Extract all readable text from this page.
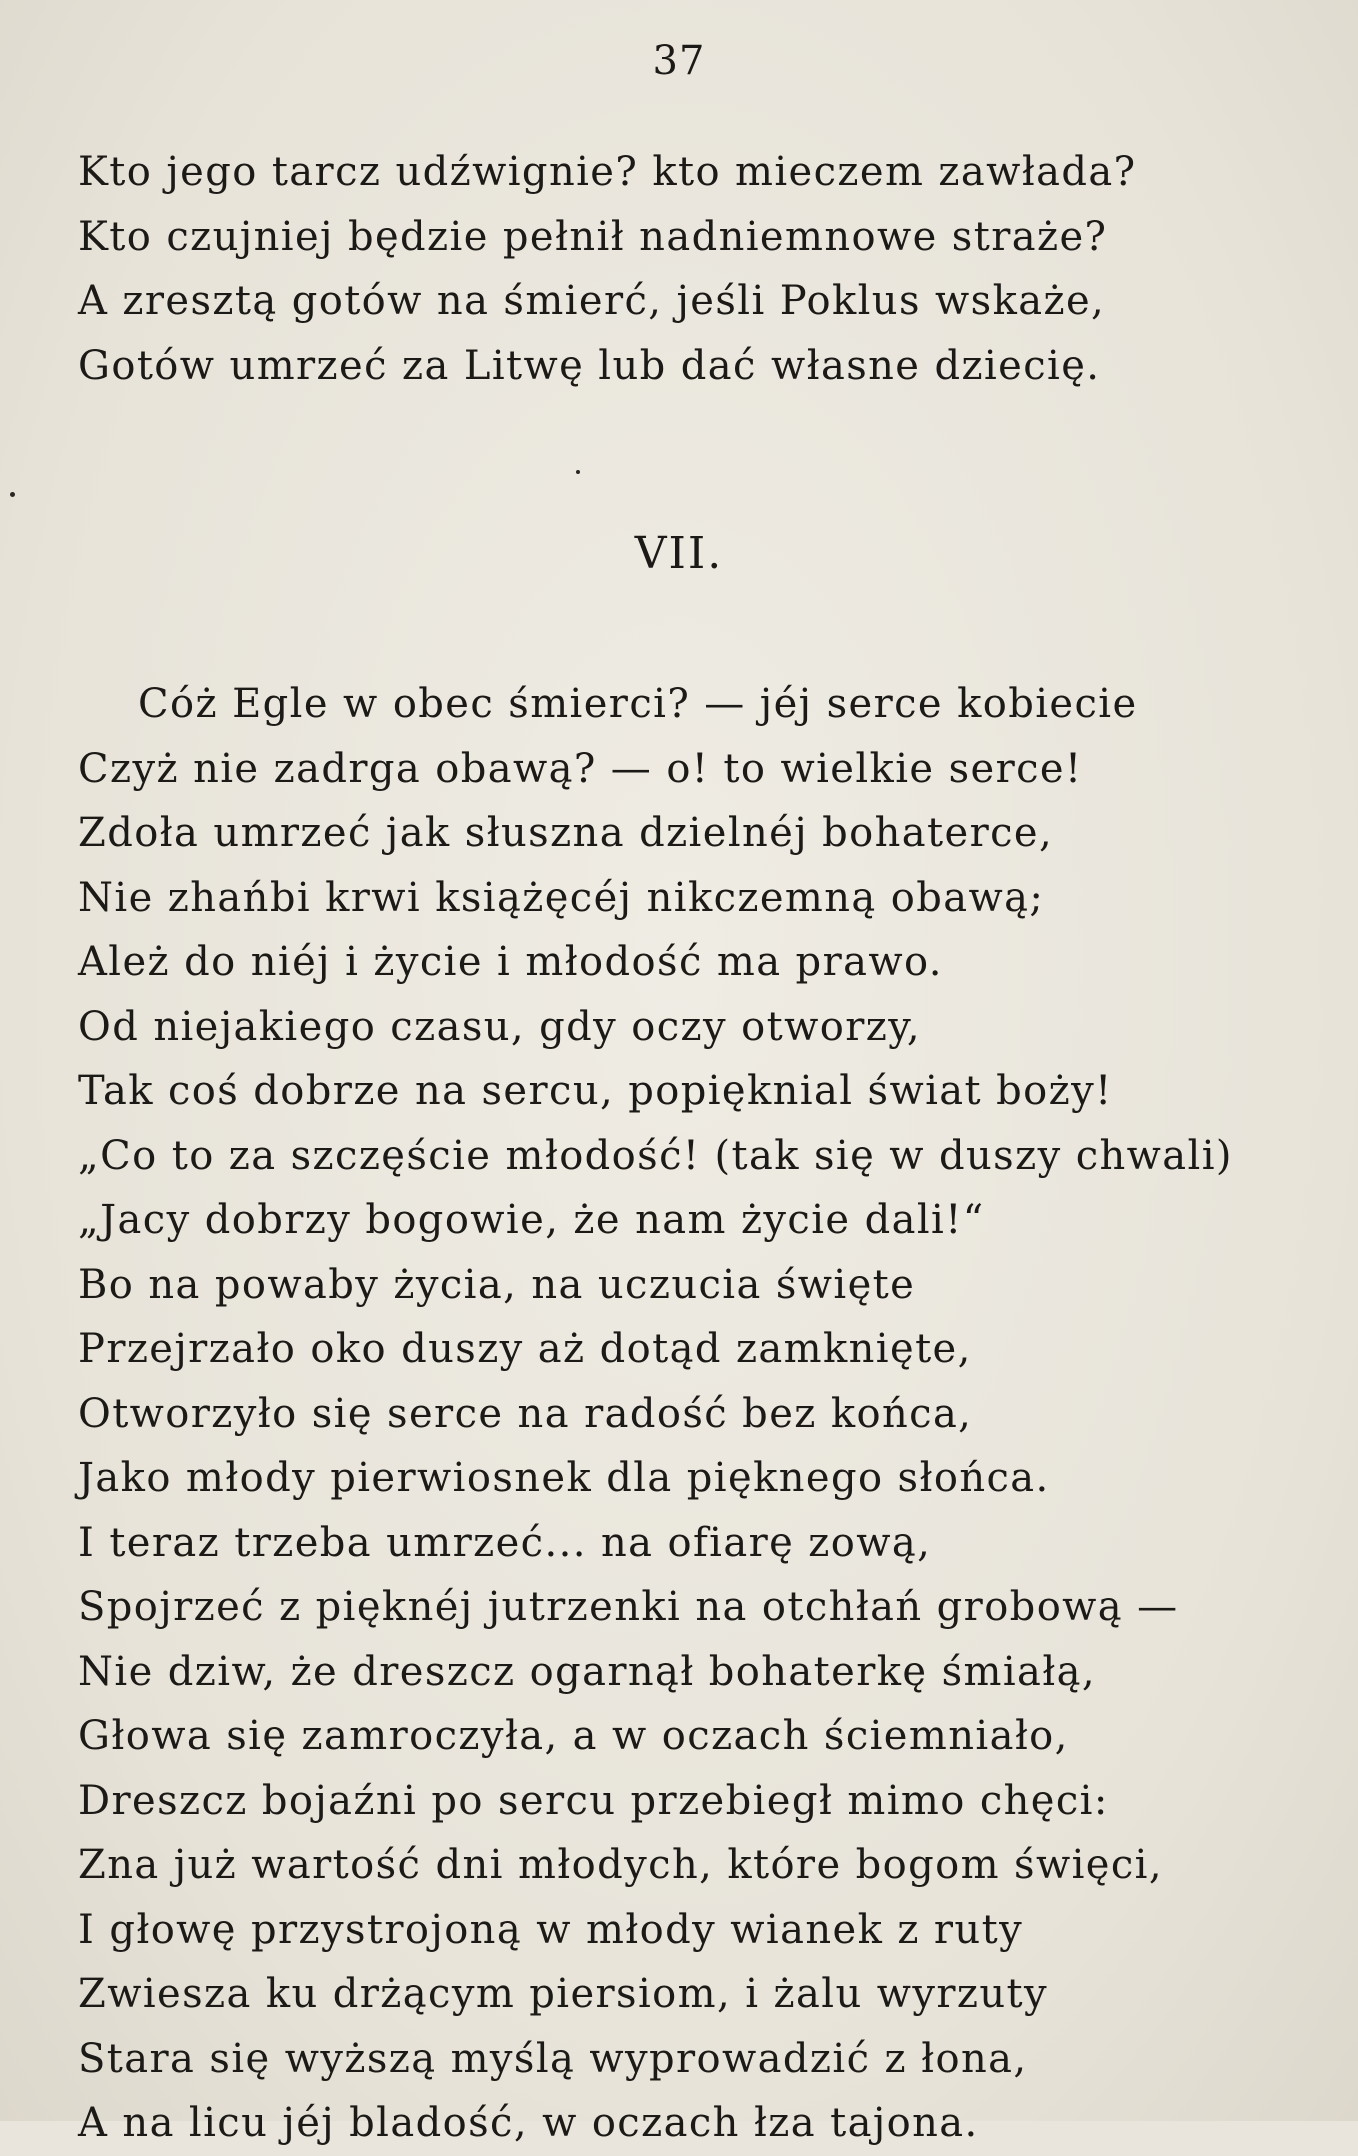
37
Kto jego tarcz udźwignie? kto mieczem zawłada?
Kto czujniej będzie pełnił nadniemnowe straże?
A zresztą gotów na śmierć, jeśli Poklus wskaże,
Gotów umrzeć za Litwę lub dać własne dziecię.
VII.
Cóż Egle w obec śmierci? — jéj serce kobiecie
Czyż nie zadrga obawą? — o! to wielkie serce!
Zdoła umrzeć jak słuszna dzielnéj bohaterce,
Nie zhańbi krwi książęcéj nikczemną obawą;
Ależ do niéj i życie i młodość ma prawo.
Od niejakiego czasu, gdy oczy otworzy,
Tak coś dobrze na sercu, popięknial świat boży!
„Co to za szczęście młodość! (tak się w duszy chwali)
„Jacy dobrzy bogowie, że nam życie dali!“
Bo na powaby życia, na uczucia święte
Przejrzało oko duszy aż dotąd zamknięte,
Otworzyło się serce na radość bez końca,
Jako młody pierwiosnek dla pięknego słońca.
I teraz trzeba umrzeć... na ofiarę zową,
Spojrzeć z pięknéj jutrzenki na otchłań grobową —
Nie dziw, że dreszcz ogarnął bohaterkę śmiałą,
Głowa się zamroczyła, a w oczach ściemniało,
Dreszcz bojaźni po sercu przebiegł mimo chęci:
Zna już wartość dni młodych, które bogom święci,
I głowę przystrojoną w młody wianek z ruty
Zwiesza ku drżącym piersiom, i żalu wyrzuty
Stara się wyższą myślą wyprowadzić z łona,
A na licu jéj bladość, w oczach łza tajona.
